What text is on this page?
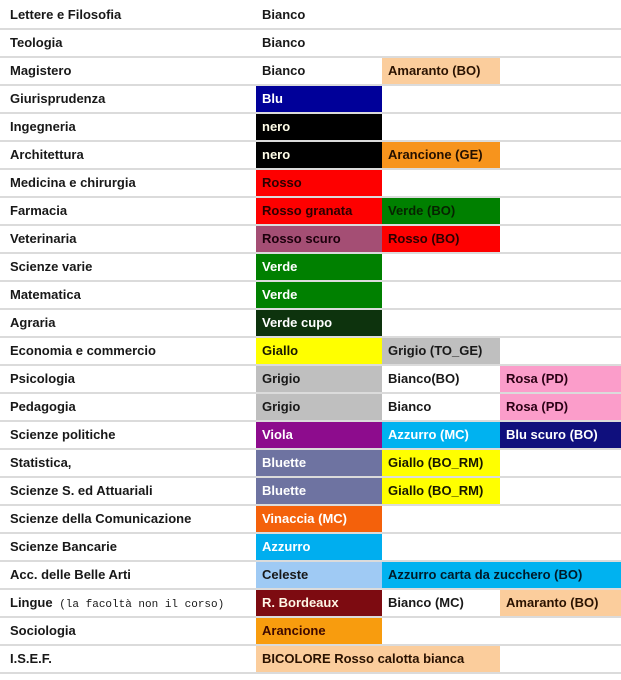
Lettere e Filosofia	Bianco
Teologia	Bianco
Magistero	Bianco	Amaranto (BO)
Giurisprudenza	Blu
Ingegneria	nero
Architettura	nero	Arancione (GE)
Medicina e chirurgia	Rosso
Farmacia	Rosso granata	Verde (BO)
Veterinaria	Rosso scuro	Rosso (BO)
Scienze varie	Verde
Matematica	Verde
Agraria	Verde cupo
Economia e commercio	Giallo	Grigio (TO_GE)
Psicologia	Grigio	Bianco(BO)	Rosa (PD)
Pedagogia	Grigio	Bianco	Rosa (PD)
Scienze politiche	Viola	Azzurro (MC)	Blu scuro (BO)
Statistica,	Bluette	Giallo (BO_RM)
Scienze S. ed Attuariali	Bluette	Giallo (BO_RM)
Scienze della Comunicazione	Vinaccia (MC)
Scienze Bancarie	Azzurro
Acc. delle Belle Arti	Celeste	Azzurro carta da zucchero (BO)
Lingue (la facoltà non il corso)	R. Bordeaux	Bianco (MC)	Amaranto (BO)
Sociologia	Arancione
I.S.E.F.	BICOLORE Rosso calotta bianca
